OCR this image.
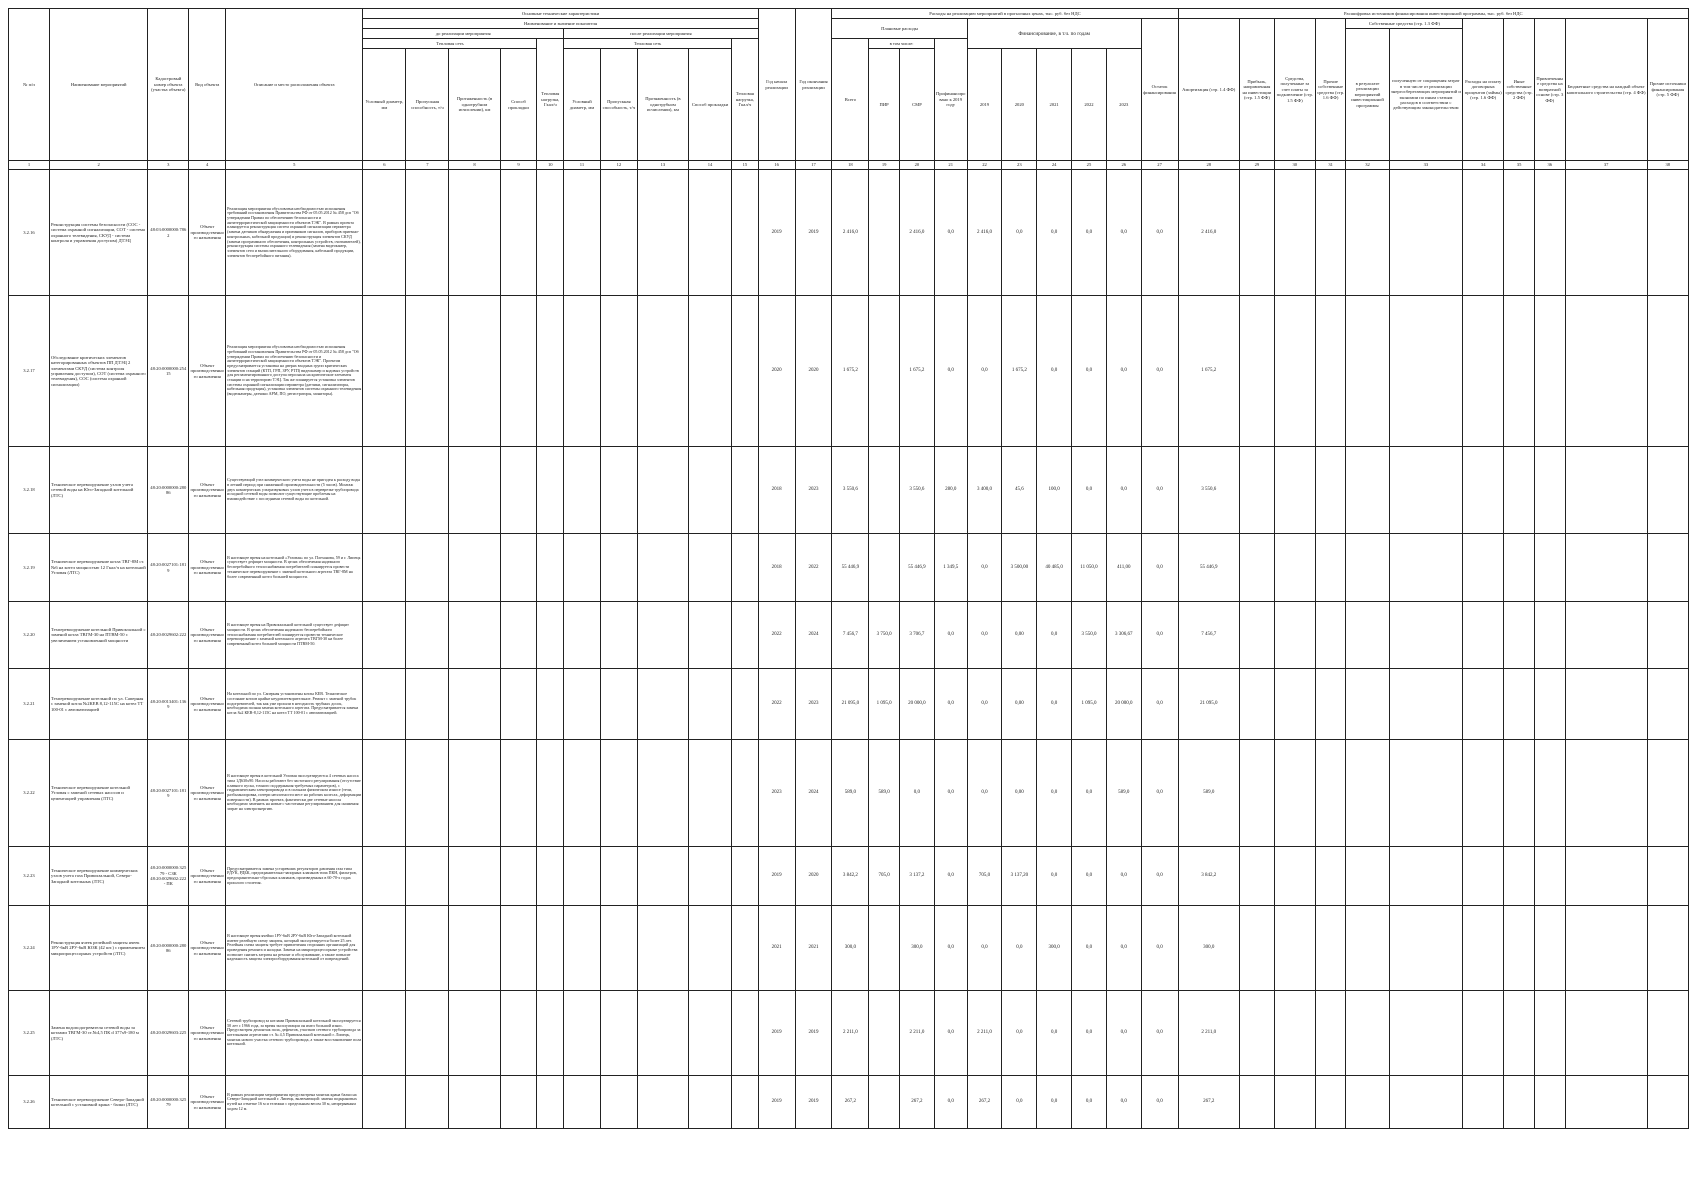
№ п/п	Наименование мероприятий	Кадастровый номер объекта (участка объекта)	Вид объекта	Описание и место расположения объекта	Основные технические характеристики										Год начала реализации	Год окончания реализации	Расходы на реализацию мероприятий в прогнозных ценах, тыс. руб. без НДС										Расшифровка источников финансирования инвестиционной программы, тыс. руб. без НДС										
					Наименование и значение показателя												Плановые расходы				Финансирование, в т.ч. по годам					Остаток финансирования	Амортизация (стр. 1.4 ФФ)	Прибыль, направленная на инвестиции (стр. 1.5 ФФ)	Средства, полученные за счет платы за подключение (стр. 1.5 ФФ)	Прочие собственные средства (стр. 1.6 ФФ)	Собственные средства (стр. 1.3 ФФ)		Расходы на оплату договорных процентов (займы) (стр. 1.6 ФФ)	Иные собственные средства (стр. 2 ФФ)	Привлеченные средства на возвратной основе (стр. 3 ФФ)	Бюджетные средства на каждый объект капитального строительства (стр. 4 ФФ)	Прочие источники финансирования (стр. 5 ФФ)
					до реализации мероприятия					после реализации мероприятия																					в результате реализации мероприятий инвестиционной программы	полученную от сокращения затрат в том числе от реализации энергосберегающих мероприятий и экономии по иным статьям расходов в соответствии с действующим законодательством					
					Тепловая сеть				Тепловая нагрузка, Гкал/ч	Тепловая сеть				Тепловая нагрузка, Гкал/ч			Всего	в том числе:		Профинансировано к 2019 году																	
					Условный диаметр, мм	Пропускная способность, т/ч	Протяженность (в однотрубном исчислении), км	Способ прокладки		Условный диаметр, мм	Пропускная способность, т/ч	Протяженность (в однотрубном исчислении), км	Способ прокладки					ПИР	СМР		2019	2020	2021	2022	2023												
1	2	3	4	5	6	7	8	9	10	11	12	13	14	15	16	17	18	19	20	21	22	23	24	25	26	27	28	29	30	31	32	33	34	35	36	37	38
3.2.16	Реконструкция системы безопасности (СОС - система охранной сигнализации, СОТ - система охранного телевидения, СКУД - система контроля и управления доступом) ДТЭЦ	48:03:0000000:7862	Объект производственного назначения	Реализация мероприятия обусловлена необходимостью исполнения требований постановления Правительства РФ от 05.05.2012 № 458 дсп "Об утверждении Правил по обеспечению безопасности и антитеррористической защищенности объектов ТЭК". В рамках проекта планируется реконструкция систем охранной сигнализации периметра (замена датчиков обнаружения и приемников сигналов, приборов приемно-контрольных, кабельной продукции) и реконструкция элементов СКУД (замена программного обеспечения, контрольных устройств, считывателей), реконструкция системы охранного телевидения (замена видеокамер, элементов сети и вычислительного оборудования, кабельной продукции, элементов бесперебойного питания).											2019	2019	2 416,0		2 416,0	0,0	2 416,0	0,0	0,0	0,0	0,0	0,0	2 416,0										
3.2.17	Обследование критических элементов категорированных объектов ПП ДТЭЦ 2 элементами СКУД (система контроля управления доступом), СОТ (система охранного телевидения), СОС (система охранной сигнализации)	48:20:0000000:25415	Объект производственного назначения	Реализация мероприятия обусловлена необходимостью исполнения требований постановления Правительства РФ от 05.05.2012 № 458 дсп "Об утверждении Правил по обеспечению безопасности и антитеррористической защищенности объектов ТЭК". Проектом предусматривается установка на дверях входных групп критических элементов станций (КТП, ГРП, ЗРУ, РТП) видеокамер и кодовых устройств для регламентированного доступа персонала на критические элементы станции и на территорию ТЭЦ. Так же планируется установка элементов системы охранной сигнализации периметра (датчики, сигнализаторы, кабельная продукция), установка элементов системы охранного телевидения (видеокамеры, датчики АРМ, ПО, регистраторы, мониторы).											2020	2020	1 675,2		1 675,2	0,0	0,0	1 675,2	0,0	0,0	0,0	0,0	1 675,2										
3.2.18	Техническое перевооружение узлов учета сетевой воды на Юго-Западной котельной (ЛТС)	48:20:0000000:28086	Объект производственного назначения	Существующий узел коммерческого учета воды не пригоден к расходу воды в летний период при сниженной производительности (5 часов). Монтаж двух коммерческих ультразвуковых узлов учета в переврезке трубопровода исходной сетевой воды позволит существующие проблемы на взаимодействие с последними сетевой воды по котельной.											2018	2023	3 550,6		3 550,6	280,0	3 400,0	45,6	100,0	0,0	0,0	0,0	3 550,6										
3.2.19	Техническое перевооружение котла ТВГ-8М ст.№6 на котел мощностью 12 Гкал/ч на котельной Угловая (ЛТС)	48:20:0027101:1819	Объект производственного назначения	В настоящее время на котельной «Угловая» по ул. Плеханова, 59 и г. Липецк существует дефицит мощности. В целях обеспечения надежного бесперебойного теплоснабжения потребителей планируется провести техническое перевооружение с заменой котельного агрегата ТВГ-8М на более современный котел большей мощности.											2018	2022	55 446,9		55 446,9	1 349,5	0,0	3 500,00	40 485,0	11 050,0	411,00	0,0	55 446,9										
3.2.20	Техперевооружение котельной Привокзальной с заменой котла ТВГМ-30 на ПТВМ-50 с увеличением установленной мощности	48:20:0029602:222	Объект производственного назначения	В настоящее время на Привокзальной котельной существует дефицит мощности. В целях обеспечения надежного бесперебойного теплоснабжения потребителей планируется провести техническое перевооружение с заменой котельного агрегата ТВГМ-30 на более современный котел большей мощности ПТВМ-50.											2022	2024	7 456,7	3 750,0	3 706,7	0,0	0,0	0,00	0,0	3 550,0	3 306,67	0,0	7 456,7										
3.2.21	Техперевооружение котельной по ул. Саперная с заменой котла №2КЕВ 8,12-115С на котел ТТ 100-01 с автоматизацией	48:20:0013401:1369	Объект производственного назначения	На котельной по ул. Саперная установлены котлы КЕВ. Техническое состояние котлов крайне неудовлетворительное. Ремонт с заменой трубок подогревателей, так как уже прошли в негодность трубных досок, необходима полная замена котельного агрегата. Предусматривается замена котла №2 КЕВ-8,12-115С на котел ТТ 100-01 с автоматизацией.											2022	2023	21 095,0	1 095,0	20 000,0	0,0	0,0	0,00	0,0	1 095,0	20 000,0	0,0	21 095,0										
3.2.22	Техническое перевооружение котельной Угловая с заменой сетевых насосов и цементацией управления (ЛТС)	48:20:0027101:1819	Объект производственного назначения	В настоящее время в котельной Угловая эксплуатируются 4 сетевых насоса типа 1Д630х90. Насосы работают без частотного регулирования (отсутствие плавного пуска, точного поддержания требуемых параметров), с гидравлическим электропривода и в сильном физическом износе (течи, разбалансировка, потери неплотности мест на рабочих колесах, деформации поверхности). В рамках проекта, фактически две сетевые насосы необходимо заменить на новые с частотным регулированием для снижения затрат на электроэнергию.											2023	2024	589,0	589,0	0,0	0,0	0,0	0,00	0,0	0,0	589,0	0,0	589,0										
3.2.23	Техническое перевооружение коммерческих узлов учета газа Привокзальной, Северо-Западной котельных (ЛТС)	48:20:0000000:32579 - СЗК 48:20:0029602:222 - ПК	Объект производственного назначения	Предусматривается замена устаревших регуляторов давления газа типа РДУК, РДБК, предохранительно-запорных клапанов типа ПКН, фильтров, предохранительно-сбросных клапанов, произведенных в 60-70-х годах прошлого столетия.											2019	2020	3 842,2	705,0	3 137,2	0,0	705,0	3 137,20	0,0	0,0	0,0	0,0	3 842,2										
3.2.24	Реконструкция ячеек релейной защиты ячеек 1РУ-6кВ 2РУ-6кВ ЮЗК (42 шт.) с применением микропроцессорных устройств (ЛТС)	48:20:0000000:28086	Объект производственного назначения	В настоящее время ячейки 1РУ-6кВ 2РУ-6кВ Юго-Западной котельной имеют релейную схему защиты, который эксплуатируется более 25 лет. Релейная схема защиты требует привлечения сторонних организаций для проведения ремонта и наладки. Замена на микропроцессорные устройства позволит снизить затраты на ремонт и обслуживание, а также повысит надежность защиты электрооборудования котельной от повреждений.											2021	2021	300,0		300,0	0,0	0,0	0,0	300,0	0,0	0,0	0,0	300,0										
3.2.25	Замена водоподогревателя сетевой воды за котлами ТВГМ-30 ст.№4,5 ПК d 377х9-180 м (ЛТС)	48:20:0029603:225	Объект производственного назначения	Сетевой трубопровод за котлами Привокзальной котельной эксплуатируется 50 лет с 1966 года, за время эксплуатации он имел большой износ. Предусмотрен демонтаж пола, дефектов, участков сетевого трубопровода за котельными агрегатами ст. № 4,5 Привокзальной котельной г. Липецк, монтаж нового участка сетевого трубопровода, а также восстановление пола котельной.											2019	2019	2 211,0		2 211,0	0,0	2 211,0	0,0	0,0	0,0	0,0	0,0	2 211,0										
3.2.26	Техническое перевооружение Северо-Западной котельной с установкой крана - балки (ЛТС)	48:20:0000000:32579	Объект производственного назначения	В рамках реализации мероприятия предусмотрена монтаж крана балки на Северо-Западной котельной г. Липецк, включающий: замена подкрановых путей на отметке 16 м и тележки с предельным весом 30 м, непрерывным ходом 12 м.											2019	2019	267,2		267,2	0,0	267,2	0,0	0,0	0,0	0,0	0,0	267,2										
